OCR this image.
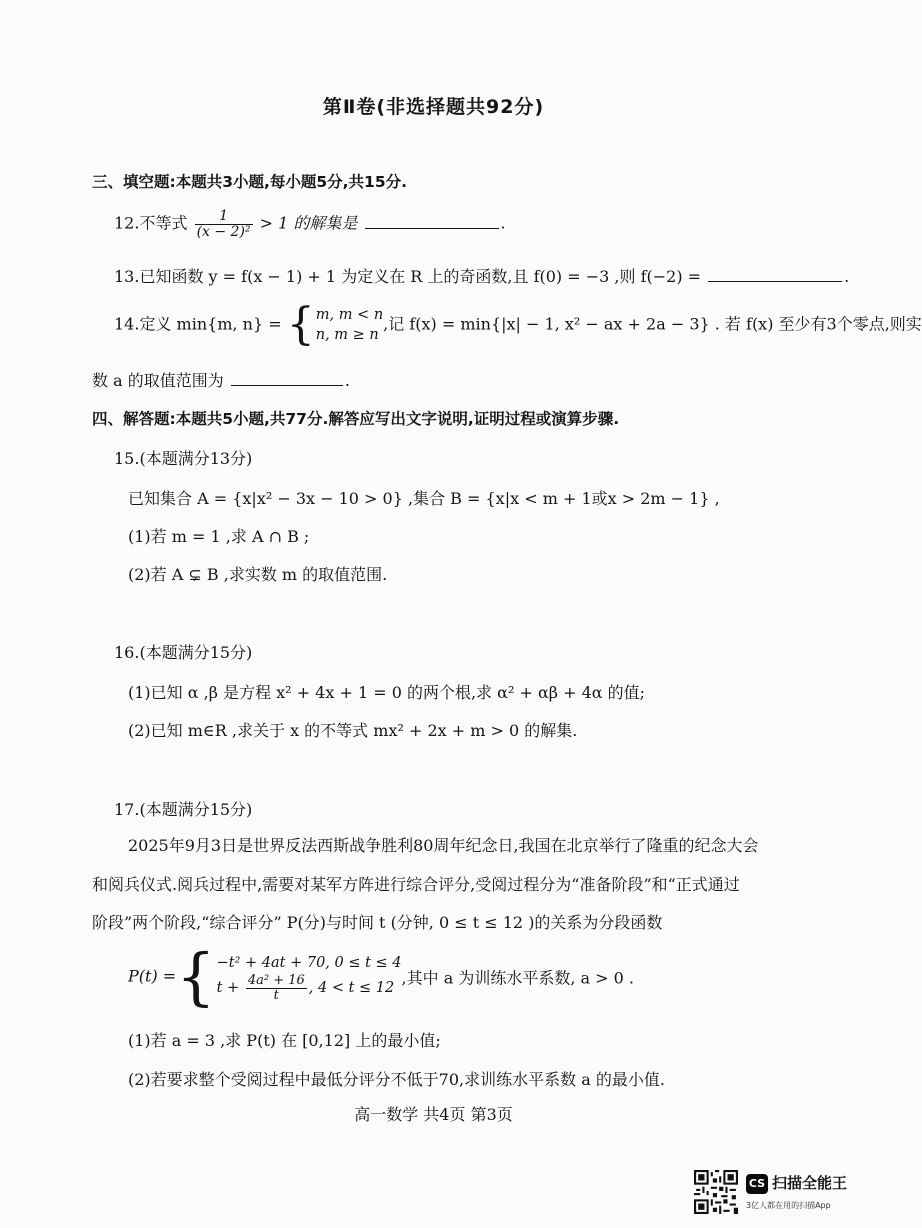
第Ⅱ卷(非选择题共92分)
三、填空题:本题共3小题,每小题5分,共15分.
12.不等式 $\frac{1}{\text{(x − 2)²}} > 1$ 的解集是	.
13.已知函数 y = f(x − 1) + 1 为定义在 R 上的奇函数,且 f(0) = −3 ,则 f(−2) =	.
14.定义 min{m, n} = { m, m < n
n, m ≥ n
,记 f(x) = min{|x| − 1, x² − ax + 2a − 3} . 若 f(x) 至少有3个零点,则实
数 a 的取值范围为	.
四、解答题:本题共5小题,共77分.解答应写出文字说明,证明过程或演算步骤.
15.(本题满分13分)
已知集合 A = {x|x² − 3x − 10 > 0} ,集合 B = {x|x < m + 1或x > 2m − 1} ,
(1)若 m = 1 ,求 A ∩ B ;
(2)若 A ⊊ B ,求实数 m 的取值范围.
16.(本题满分15分)
(1)已知 α ,β 是方程 x² + 4x + 1 = 0 的两个根,求 α² + αβ + 4α 的值;
(2)已知 m∈R ,求关于 x 的不等式 mx² + 2x + m > 0 的解集.
17.(本题满分15分)
2025年9月3日是世界反法西斯战争胜利80周年纪念日,我国在北京举行了隆重的纪念大会
和阅兵仪式.阅兵过程中,需要对某军方阵进行综合评分,受阅过程分为“准备阶段”和“正式通过
阶段”两个阶段,“综合评分” P(分)与时间 t (分钟, 0 ≤ t ≤ 12 )的关系为分段函数
P(t) ={ −t² + 4at + 70, 0 ≤ t ≤ 4
$t + \frac{\text{4a² + 16}}{t}$ , 4 < t ≤ 12
,其中 a 为训练水平系数, a > 0 .
(1)若 a = 3 ,求 P(t) 在 [0,12] 上的最小值;
(2)若要求整个受阅过程中最低分评分不低于70,求训练水平系数 a 的最小值.
高一数学 共4页 第3页
CS 扫描全能王
3亿人都在用的扫描App
